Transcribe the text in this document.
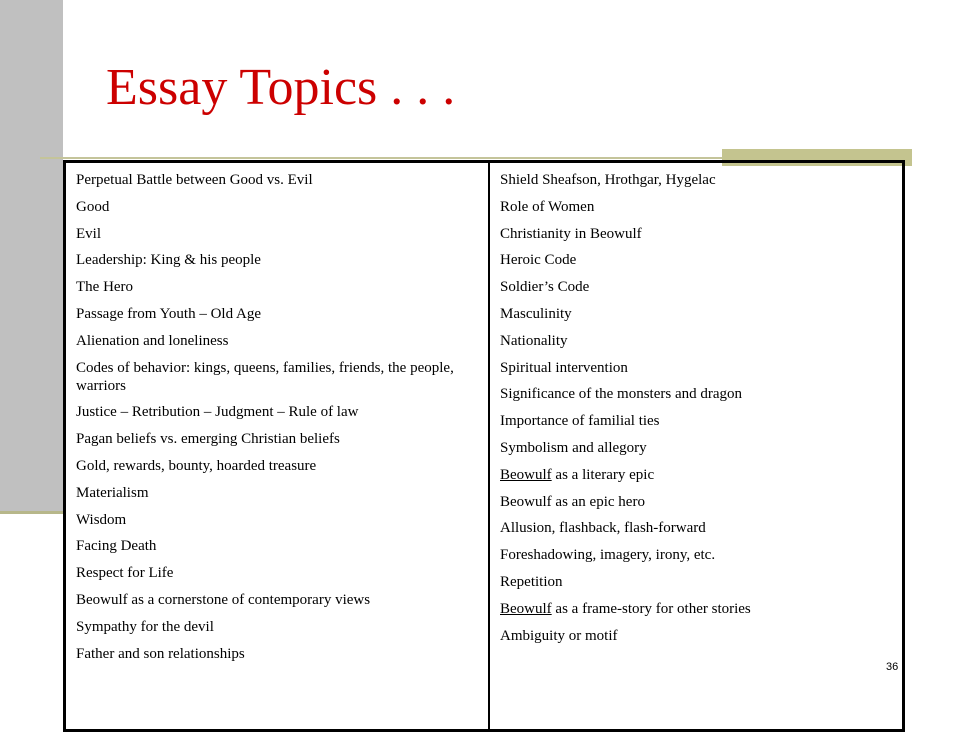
Essay Topics . . .
Perpetual Battle between Good vs. Evil
Good
Evil
Leadership: King & his people
The Hero
Passage from Youth – Old Age
Alienation and loneliness
Codes of behavior: kings, queens, families, friends, the people, warriors
Justice – Retribution – Judgment – Rule of law
Pagan beliefs vs. emerging Christian beliefs
Gold, rewards, bounty, hoarded treasure
Materialism
Wisdom
Facing Death
Respect for Life
Beowulf as a cornerstone of contemporary views
Sympathy for the devil
Father and son relationships
Shield Sheafson, Hrothgar, Hygelac
Role of Women
Christianity in Beowulf
Heroic Code
Soldier’s Code
Masculinity
Nationality
Spiritual intervention
Significance of the monsters and dragon
Importance of familial ties
Symbolism and allegory
Beowulf as a literary epic
Beowulf as an epic hero
Allusion, flashback, flash-forward
Foreshadowing, imagery, irony, etc.
Repetition
Beowulf as a frame-story for other stories
Ambiguity or motif
36
